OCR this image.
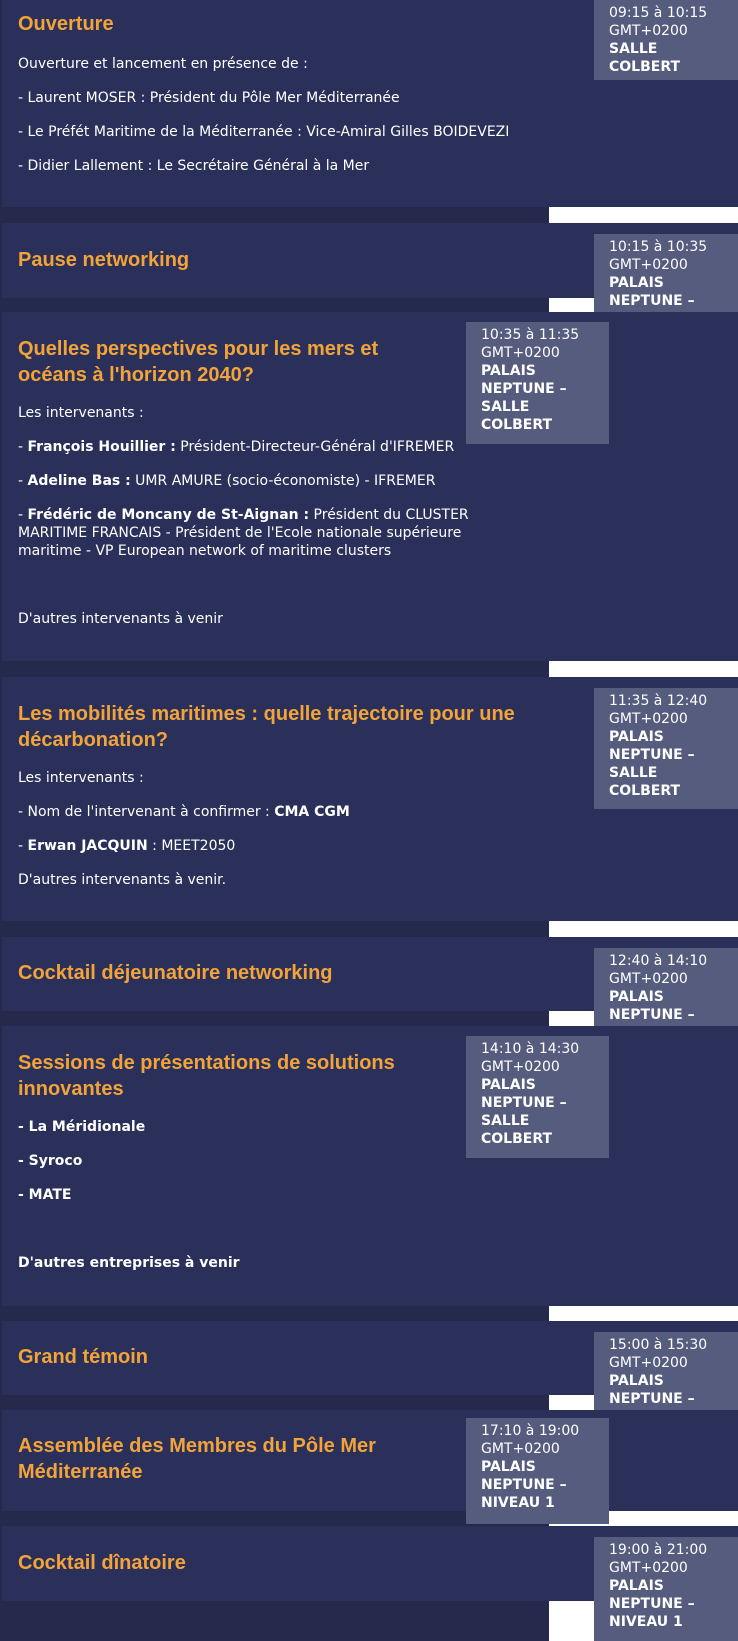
Ouverture

Ouverture et lancement en présence de :

- Laurent MOSER : Président du Pôle Mer Méditerranée

- Le Préfét Maritime de la Méditerranée : Vice-Amiral Gilles BOIDEVEZI

- Didier Lallement : Le Secrétaire Général à la Mer

09:15 à 10:15
GMT+0200
SALLE
COLBERT
Pause networking
10:15 à 10:35
GMT+0200
PALAIS
NEPTUNE –
Quelles perspectives pour les mers et océans à l'horizon 2040?

Les intervenants :

- François Houillier : Président-Directeur-Général d'IFREMER

- Adeline Bas : UMR AMURE (socio-économiste) - IFREMER

- Frédéric de Moncany de St-Aignan : Président du CLUSTER MARITIME FRANCAIS - Président de l'Ecole nationale supérieure maritime - VP European network of maritime clusters

D'autres intervenants à venir

10:35 à 11:35
GMT+0200
PALAIS
NEPTUNE –
SALLE
COLBERT
Les mobilités maritimes : quelle trajectoire pour une décarbonation?

Les intervenants :

- Nom de l'intervenant à confirmer : CMA CGM

- Erwan JACQUIN : MEET2050

D'autres intervenants à venir.

11:35 à 12:40
GMT+0200
PALAIS
NEPTUNE –
SALLE
COLBERT
Cocktail déjeunatoire networking
12:40 à 14:10
GMT+0200
PALAIS
NEPTUNE –
Sessions de présentations de solutions innovantes

- La Méridionale

- Syroco

- MATE

D'autres entreprises à venir

14:10 à 14:30
GMT+0200
PALAIS
NEPTUNE –
SALLE
COLBERT
Grand témoin
15:00 à 15:30
GMT+0200
PALAIS
NEPTUNE –
Assemblée des Membres du Pôle Mer Méditerranée
17:10 à 19:00
GMT+0200
PALAIS
NEPTUNE –
NIVEAU 1
Cocktail dînatoire
19:00 à 21:00
GMT+0200
PALAIS
NEPTUNE –
NIVEAU 1
